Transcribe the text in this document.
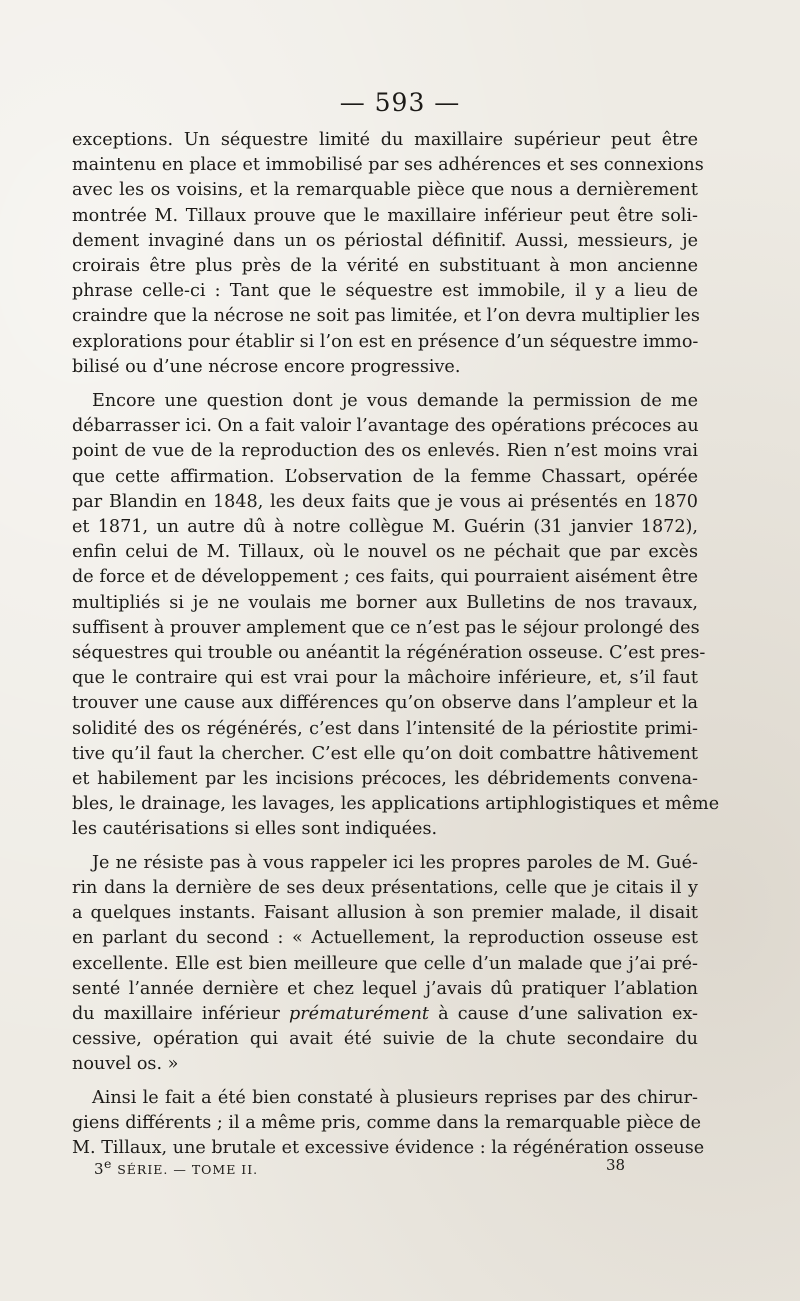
— 593 —
exceptions. Un séquestre limité du maxillaire supérieur peut être
maintenu en place et immobilisé par ses adhérences et ses connexions
avec les os voisins, et la remarquable pièce que nous a dernièrement
montrée M. Tillaux prouve que le maxillaire inférieur peut être soli-
dement invaginé dans un os périostal définitif. Aussi, messieurs, je
croirais être plus près de la vérité en substituant à mon ancienne
phrase celle-ci : Tant que le séquestre est immobile, il y a lieu de
craindre que la nécrose ne soit pas limitée, et l’on devra multiplier les
explorations pour établir si l’on est en présence d’un séquestre immo-
bilisé ou d’une nécrose encore progressive.
Encore une question dont je vous demande la permission de me
débarrasser ici. On a fait valoir l’avantage des opérations précoces au
point de vue de la reproduction des os enlevés. Rien n’est moins vrai
que cette affirmation. L’observation de la femme Chassart, opérée
par Blandin en 1848, les deux faits que je vous ai présentés en 1870
et 1871, un autre dû à notre collègue M. Guérin (31 janvier 1872),
enfin celui de M. Tillaux, où le nouvel os ne péchait que par excès
de force et de développement ; ces faits, qui pourraient aisément être
multipliés si je ne voulais me borner aux Bulletins de nos travaux,
suffisent à prouver amplement que ce n’est pas le séjour prolongé des
séquestres qui trouble ou anéantit la régénération osseuse. C’est pres-
que le contraire qui est vrai pour la mâchoire inférieure, et, s’il faut
trouver une cause aux différences qu’on observe dans l’ampleur et la
solidité des os régénérés, c’est dans l’intensité de la périostite primi-
tive qu’il faut la chercher. C’est elle qu’on doit combattre hâtivement
et habilement par les incisions précoces, les débridements convena-
bles, le drainage, les lavages, les applications artiphlogistiques et même
les cautérisations si elles sont indiquées.
Je ne résiste pas à vous rappeler ici les propres paroles de M. Gué-
rin dans la dernière de ses deux présentations, celle que je citais il y
a quelques instants. Faisant allusion à son premier malade, il disait
en parlant du second : « Actuellement, la reproduction osseuse est
excellente. Elle est bien meilleure que celle d’un malade que j’ai pré-
senté l’année dernière et chez lequel j’avais dû pratiquer l’ablation
du maxillaire inférieur prématurément à cause d’une salivation ex-
cessive, opération qui avait été suivie de la chute secondaire du
nouvel os. »
Ainsi le fait a été bien constaté à plusieurs reprises par des chirur-
giens différents ; il a même pris, comme dans la remarquable pièce de
M. Tillaux, une brutale et excessive évidence : la régénération osseuse
3e SÉRIE. — TOME II.	38
